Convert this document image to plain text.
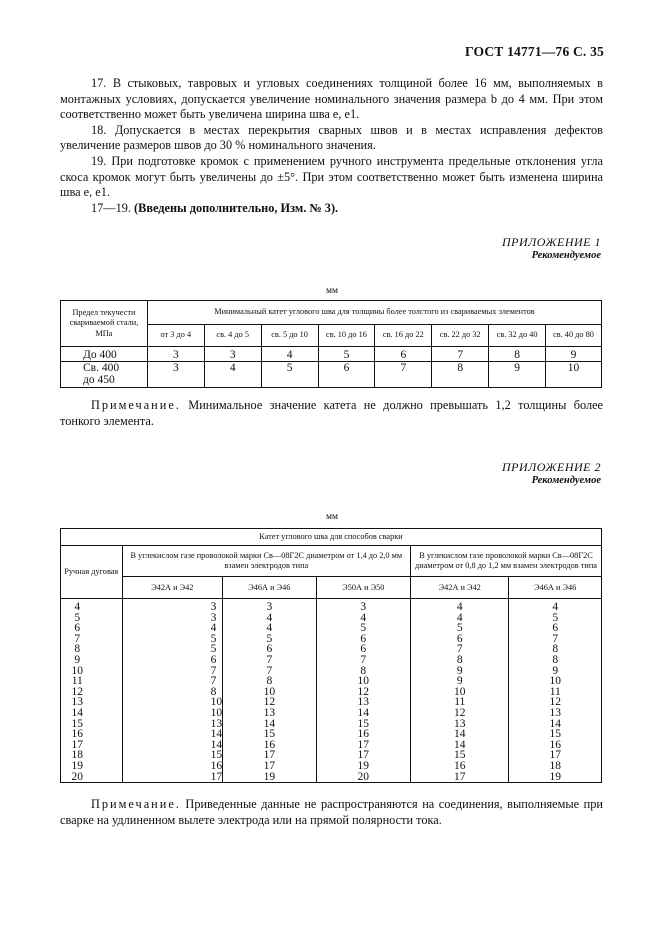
ГОСТ 14771—76 С. 35

17. В стыковых, тавровых и угловых соединениях толщиной более 16 мм, выполняемых в монтажных условиях, допускается увеличение номинального значения размера b до 4 мм. При этом соответственно может быть увеличена ширина шва e, e1.

18. Допускается в местах перекрытия сварных швов и в местах исправления дефектов увеличение размеров швов до 30 % номинального значения.

19. При подготовке кромок с применением ручного инструмента предельные отклонения угла скоса кромок могут быть увеличены до ±5°. При этом соответственно может быть изменена ширина шва e, e1.

17—19. (Введены дополнительно, Изм. № 3).

ПРИЛОЖЕНИЕ 1
Рекомендуемое
мм
Предел текучести свариваемой стали, МПа	Минимальный катет углового шва для толщины более толстого из свариваемых элементов							
	от 3 до 4	св. 4 до 5	св. 5 до 10	св. 10 до 16	св. 16 до 22	св. 22 до 32	св. 32 до 40	св. 40 до 80
До 400	3	3	4	5	6	7	8	9
Св. 400
до 450	3	4	5	6	7	8	9	10

Примечание. Минимальное значение катета не должно превышать 1,2 толщины более тонкого элемента.

ПРИЛОЖЕНИЕ 2
Рекомендуемое
мм
Катет углового шва для способов сварки					
Ручная дуговая	В углекислом газе проволокой марки Св—08Г2С диаметром от 1,4 до 2,0 мм взамен электродов типа			В углекислом газе проволокой марки Св—08Г2С диаметром от 0,8 до 1,2 мм взамен электродов типа	
	Э42А и Э42	Э46А и Э46	Э50А и Э50	Э42А и Э42	Э46А и Э46
4	3	3	3	4	4
5	3	4	4	4	5
6	4	4	5	5	6
7	5	5	6	6	7
8	5	6	6	7	8
9	6	7	7	8	8
10	7	7	8	9	9
11	7	8	10	9	10
12	8	10	12	10	11
13	10	12	13	11	12
14	10	13	14	12	13
15	13	14	15	13	14
16	14	15	16	14	15
17	14	16	17	14	16
18	15	17	17	15	17
19	16	17	19	16	18
20	17	19	20	17	19

Примечание. Приведенные данные не распространяются на соединения, выполняемые при сварке на удлиненном вылете электрода или на прямой полярности тока.
